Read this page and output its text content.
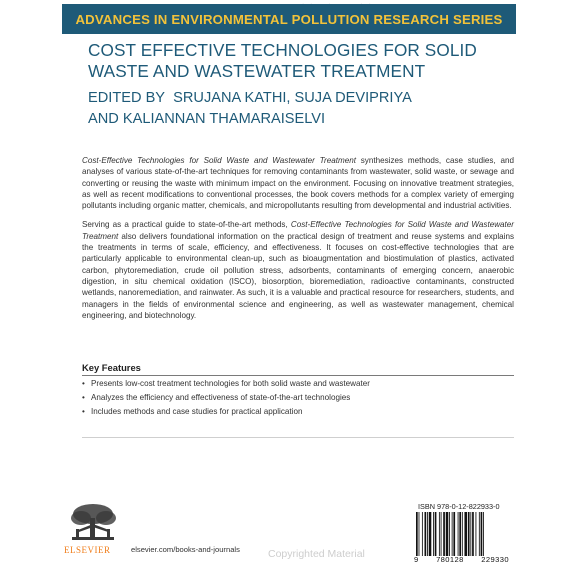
ADVANCES IN ENVIRONMENTAL POLLUTION RESEARCH SERIES
COST EFFECTIVE TECHNOLOGIES FOR SOLID
WASTE AND WASTEWATER TREATMENT
EDITED BY SRUJANA KATHI, SUJA DEVIPRIYA
AND KALIANNAN THAMARAISELVI

Cost-Effective Technologies for Solid Waste and Wastewater Treatment synthesizes methods, case studies, and analyses of various state-of-the-art techniques for removing contaminants from wastewater, solid waste, or sewage and converting or reusing the waste with minimum impact on the environment. Focusing on innovative treatment strategies, as well as recent modifications to conventional processes, the book covers methods for a complex variety of emerging pollutants including organic matter, chemicals, and micropollutants resulting from developmental and industrial activities.

Serving as a practical guide to state-of-the-art methods, Cost-Effective Technologies for Solid Waste and Wastewater Treatment also delivers foundational information on the practical design of treatment and reuse systems and explains the treatments in terms of scale, efficiency, and effectiveness. It focuses on cost-effective technologies that are particularly applicable to environmental clean-up, such as bioaugmentation and biostimulation of plastics, activated carbon, phytoremediation, crude oil pollution stress, adsorbents, contaminants of emerging concern, anaerobic digestion, in situ chemical oxidation (ISCO), biosorption, bioremediation, radioactive contaminants, constructed wetlands, nanoremediation, and rainwater. As such, it is a valuable and practical resource for researchers, students, and managers in the fields of environmental science and engineering, as well as wastewater management, chemical engineering, and biotechnology.

Key Features
• Presents low-cost treatment technologies for both solid waste and wastewater
• Analyzes the efficiency and effectiveness of state-of-the-art technologies
• Includes methods and case studies for practical application
ELSEVIER	elsevier.com/books-and-journals
ISBN 978-0-12-822933-0
9 780128 229330
Copyrighted Material
